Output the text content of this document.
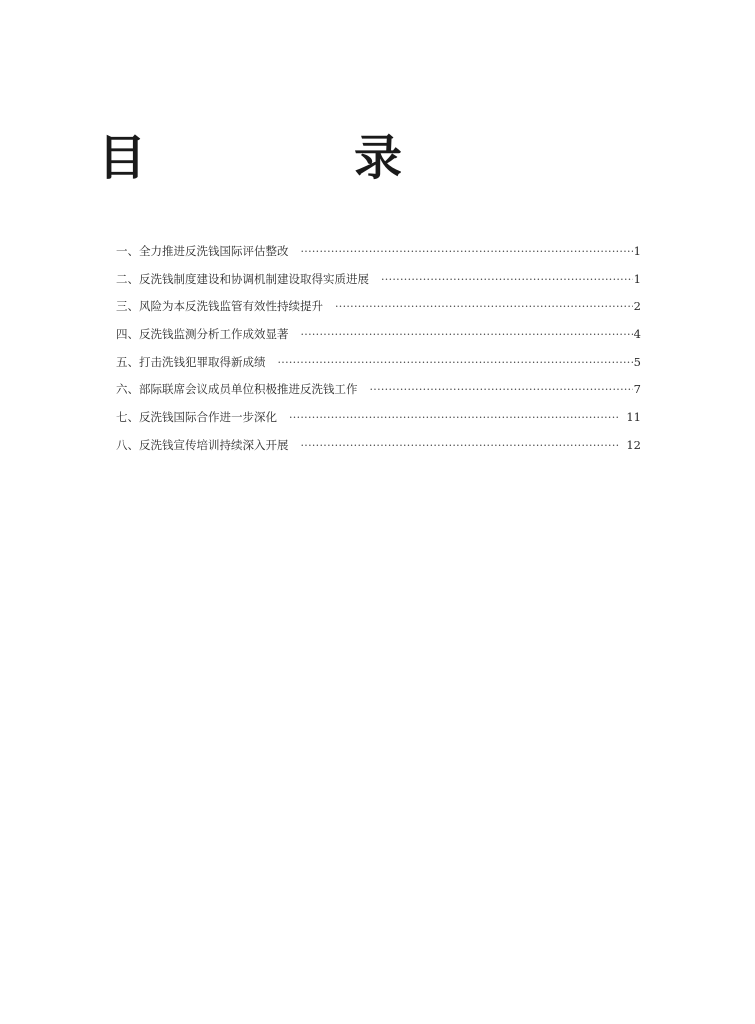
目　录
一、全力推进反洗钱国际评估整改 ·····	1
二、反洗钱制度建设和协调机制建设取得实质进展 ·····	1
三、风险为本反洗钱监管有效性持续提升 ·····	2
四、反洗钱监测分析工作成效显著 ·····	4
五、打击洗钱犯罪取得新成绩 ·····	5
六、部际联席会议成员单位积极推进反洗钱工作 ·····	7
七、反洗钱国际合作进一步深化 ·····	11
八、反洗钱宣传培训持续深入开展 ·····	12
